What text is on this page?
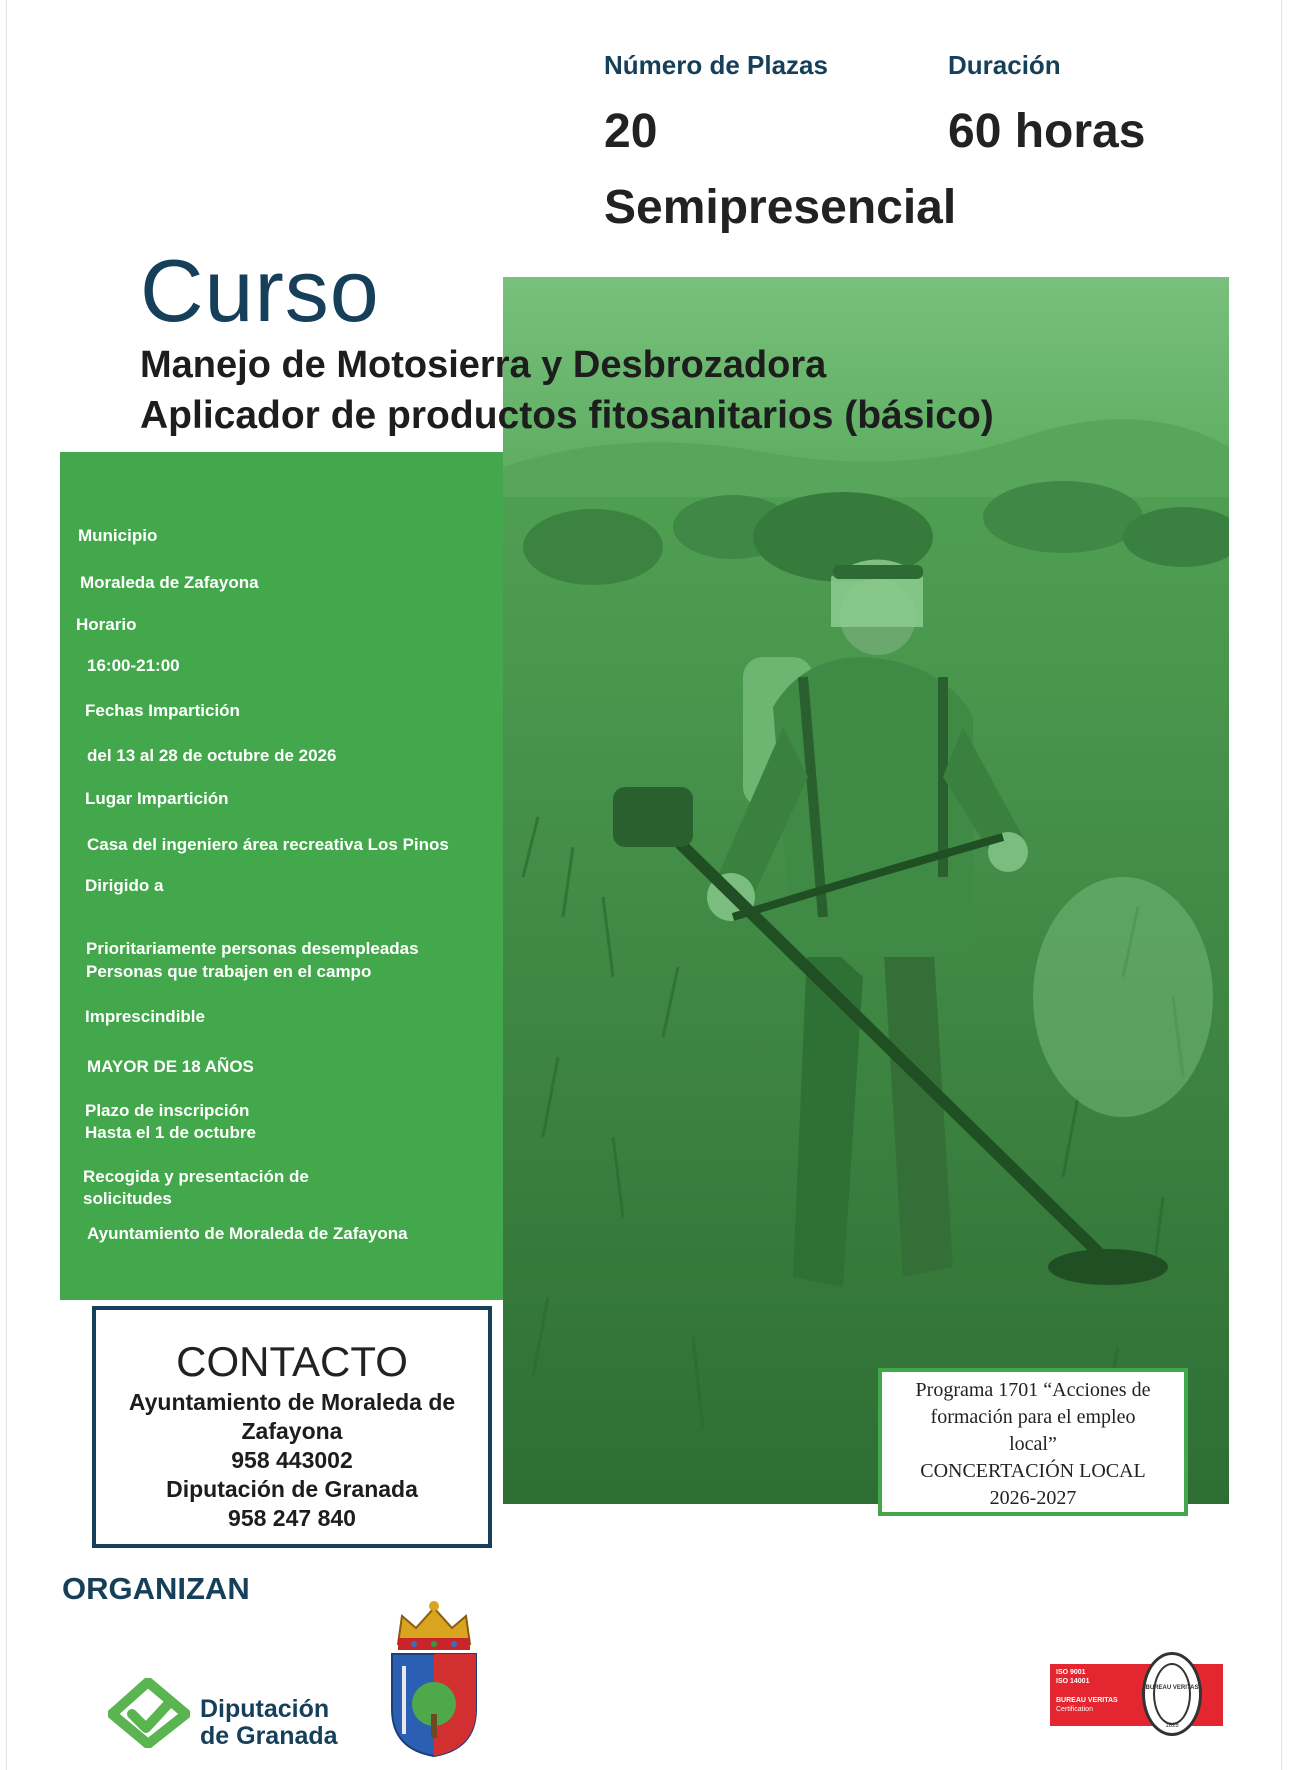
Número de Plazas
20
Duración
60 horas
Semipresencial
Curso
Manejo de Motosierra y Desbrozadora
Aplicador de productos fitosanitarios (básico)
Municipio
Moraleda de Zafayona
Horario
16:00-21:00
Fechas Impartición
del 13 al 28 de octubre de 2026
Lugar Impartición
Casa del ingeniero área recreativa Los Pinos
Dirigido a
Prioritariamente personas desempleadas
Personas que trabajen en el campo
Imprescindible
MAYOR DE 18 AÑOS
Plazo de inscripción
Hasta el 1 de octubre
Recogida y presentación de
solicitudes
Ayuntamiento de Moraleda de Zafayona
CONTACTO
Ayuntamiento de Moraleda de
Zafayona
958 443002
Diputación de Granada
958 247 840
Programa 1701 “Acciones de
formación para el empleo
local”
CONCERTACIÓN LOCAL
2026-2027
ORGANIZAN
Diputación
de Granada
ISO 9001
ISO 14001
BUREAU VERITAS
Certification
BUREAU VERITAS
1828
